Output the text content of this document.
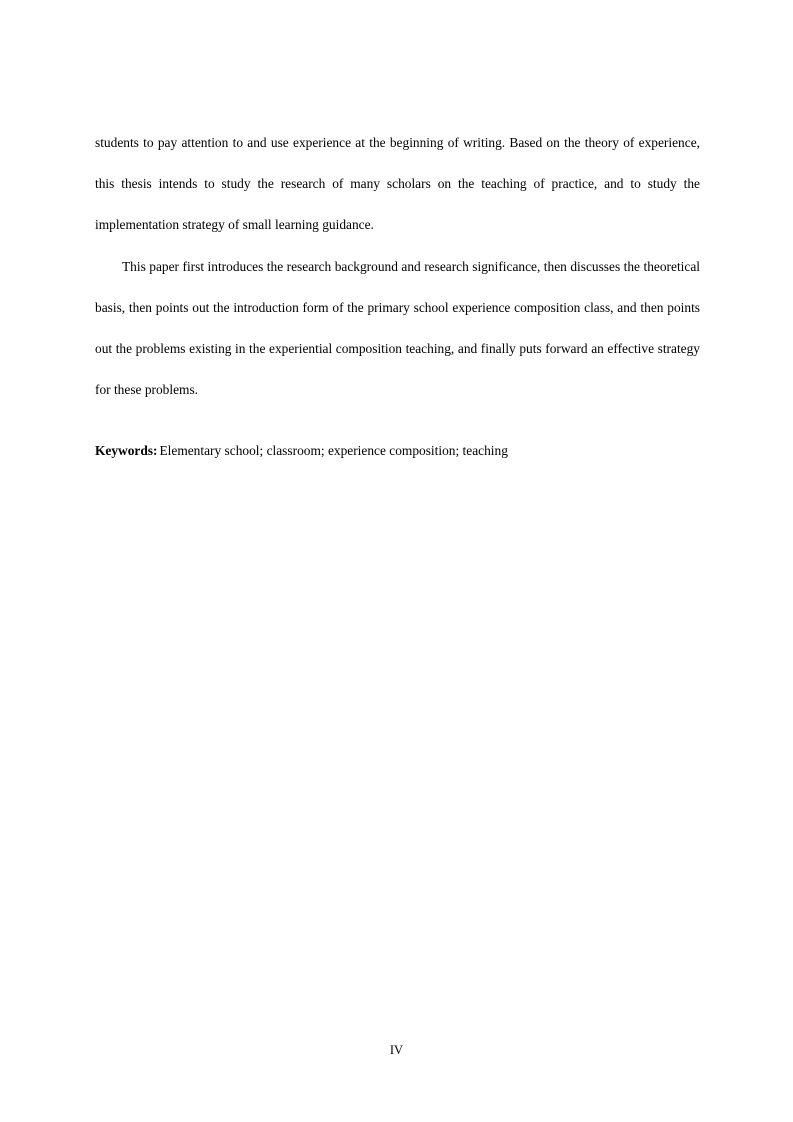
students to pay attention to and use experience at the beginning of writing. Based on the theory of experience, this thesis intends to study the research of many scholars on the teaching of practice, and to study the implementation strategy of small learning guidance.

This paper first introduces the research background and research significance, then discusses the theoretical basis, then points out the introduction form of the primary school experience composition class, and then points out the problems existing in the experiential composition teaching, and finally puts forward an effective strategy for these problems.

Keywords: Elementary school; classroom; experience composition; teaching
IV
